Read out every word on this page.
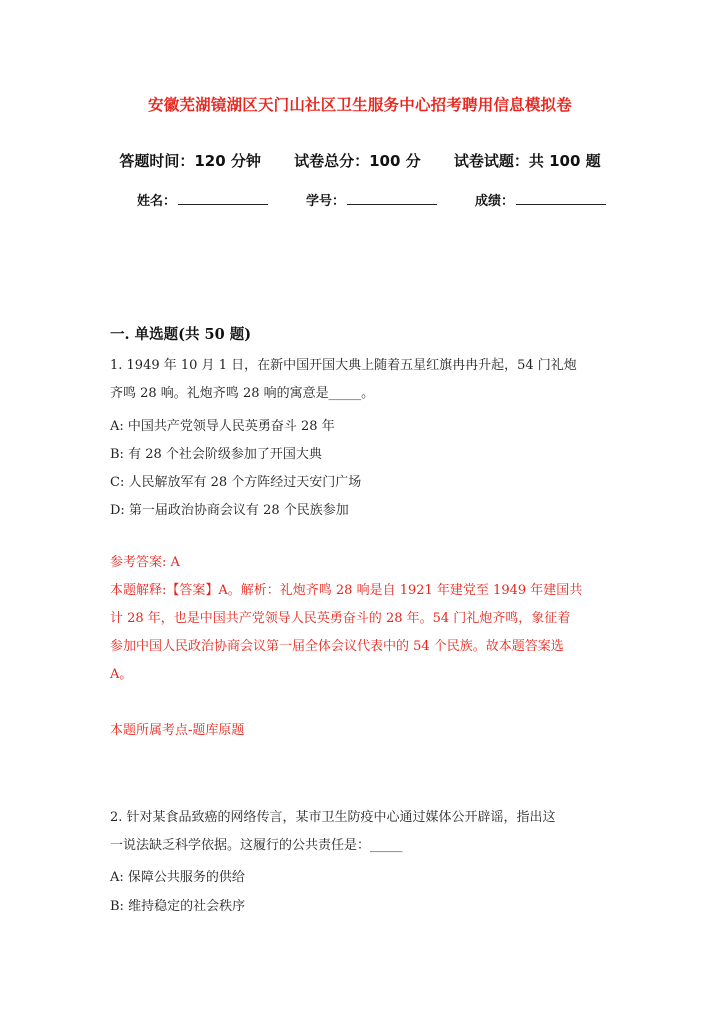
安徽芜湖镜湖区天门山社区卫生服务中心招考聘用信息模拟卷
答题时间：120 分钟 试卷总分：100 分 试卷试题：共 100 题
姓名：	学号：	成绩：
一. 单选题(共 50 题)
1. 1949 年 10 月 1 日，在新中国开国大典上随着五星红旗冉冉升起，54 门礼炮
齐鸣 28 响。礼炮齐鸣 28 响的寓意是_____。
A: 中国共产党领导人民英勇奋斗 28 年
B: 有 28 个社会阶级参加了开国大典
C: 人民解放军有 28 个方阵经过天安门广场
D: 第一届政治协商会议有 28 个民族参加
参考答案: A
本题解释:【答案】A。解析：礼炮齐鸣 28 响是自 1921 年建党至 1949 年建国共
计 28 年，也是中国共产党领导人民英勇奋斗的 28 年。54 门礼炮齐鸣，象征着
参加中国人民政治协商会议第一届全体会议代表中的 54 个民族。故本题答案选
A。
本题所属考点-题库原题
2. 针对某食品致癌的网络传言，某市卫生防疫中心通过媒体公开辟谣，指出这
一说法缺乏科学依据。这履行的公共责任是：_____
A: 保障公共服务的供给
B: 维持稳定的社会秩序
